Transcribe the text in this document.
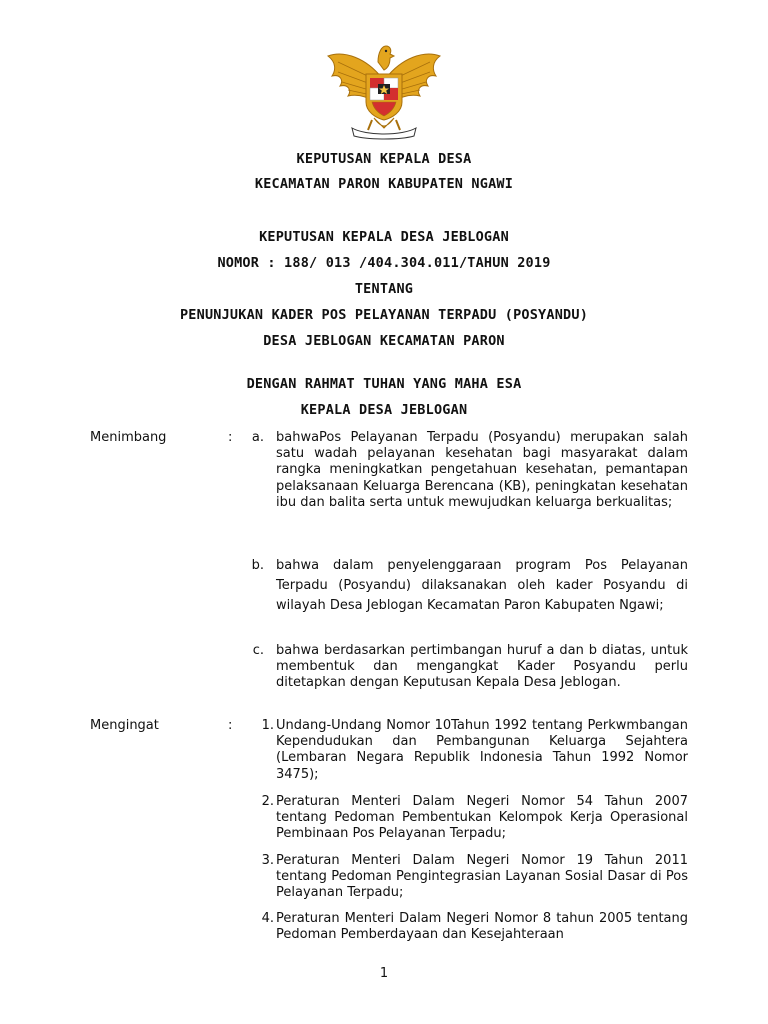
KEPUTUSAN KEPALA DESA
KECAMATAN PARON KABUPATEN NGAWI
KEPUTUSAN KEPALA DESA JEBLOGAN
NOMOR : 188/ 013 /404.304.011/TAHUN 2019
TENTANG
PENUNJUKAN KADER POS PELAYANAN TERPADU (POSYANDU)
DESA JEBLOGAN KECAMATAN PARON
DENGAN RAHMAT TUHAN YANG MAHA ESA
KEPALA DESA JEBLOGAN
Menimbang	:	a. bahwaPos Pelayanan Terpadu (Posyandu) merupakan salah satu wadah pelayanan kesehatan bagi masyarakat dalam rangka meningkatkan pengetahuan kesehatan, pemantapan pelaksanaan Keluarga Berencana (KB), peningkatan kesehatan ibu dan balita serta untuk mewujudkan keluarga berkualitas;
b. bahwa dalam penyelenggaraan program Pos Pelayanan Terpadu (Posyandu) dilaksanakan oleh kader Posyandu di wilayah Desa Jeblogan Kecamatan Paron Kabupaten Ngawi;
c. bahwa berdasarkan pertimbangan huruf a dan b diatas, untuk membentuk dan mengangkat Kader Posyandu perlu ditetapkan dengan Keputusan Kepala Desa Jeblogan.
Mengingat	:	1. Undang-Undang Nomor 10Tahun 1992 tentang Perkwmbangan Kependudukan dan Pembangunan Keluarga Sejahtera (Lembaran Negara Republik Indonesia Tahun 1992 Nomor 3475);
2. Peraturan Menteri Dalam Negeri Nomor 54 Tahun 2007 tentang Pedoman Pembentukan Kelompok Kerja Operasional Pembinaan Pos Pelayanan Terpadu;
3. Peraturan Menteri Dalam Negeri Nomor 19 Tahun 2011 tentang Pedoman Pengintegrasian Layanan Sosial Dasar di Pos Pelayanan Terpadu;
4. Peraturan Menteri Dalam Negeri Nomor 8 tahun 2005 tentang Pedoman Pemberdayaan dan Kesejahteraan
1
